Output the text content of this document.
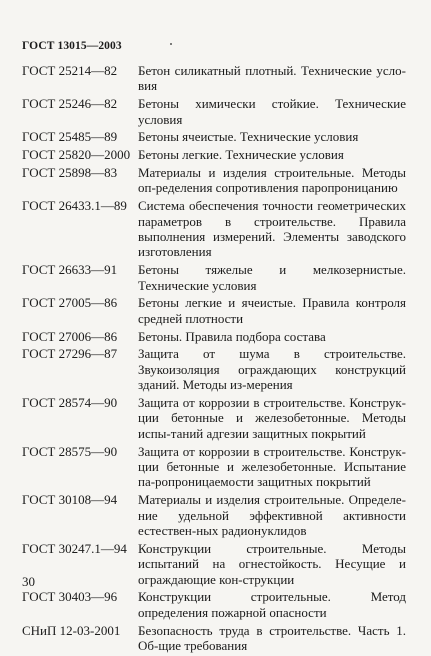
ГОСТ 13015—2003
ГОСТ 25214—82	Бетон силикатный плотный. Технические усло-вия
ГОСТ 25246—82	Бетоны химически стойкие. Технические условия
ГОСТ 25485—89	Бетоны ячеистые. Технические условия
ГОСТ 25820—2000 Бетоны легкие. Технические условия
ГОСТ 25898—83	Материалы и изделия строительные. Методы оп-ределения сопротивления паропроницанию
ГОСТ 26433.1—89 Система обеспечения точности геометрических параметров в строительстве. Правила выполнения измерений. Элементы заводского изготовления
ГОСТ 26633—91	Бетоны тяжелые и мелкозернистые. Технические условия
ГОСТ 27005—86	Бетоны легкие и ячеистые. Правила контроля средней плотности
ГОСТ 27006—86	Бетоны. Правила подбора состава
ГОСТ 27296—87	Защита от шума в строительстве. Звукоизоляция ограждающих конструкций зданий. Методы из-мерения
ГОСТ 28574—90	Защита от коррозии в строительстве. Конструк-ции бетонные и железобетонные. Методы испы-таний адгезии защитных покрытий
ГОСТ 28575—90	Защита от коррозии в строительстве. Конструк-ции бетонные и железобетонные. Испытание па-ропроницаемости защитных покрытий
ГОСТ 30108—94	Материалы и изделия строительные. Определе-ние удельной эффективной активности естествен-ных радионуклидов
ГОСТ 30247.1—94 Конструкции строительные. Методы испытаний на огнестойкость. Несущие и ограждающие кон-струкции
ГОСТ 30403—96	Конструкции строительные. Метод определения пожарной опасности
СНиП 12-03-2001	Безопасность труда в строительстве. Часть 1. Об-щие требования
30
